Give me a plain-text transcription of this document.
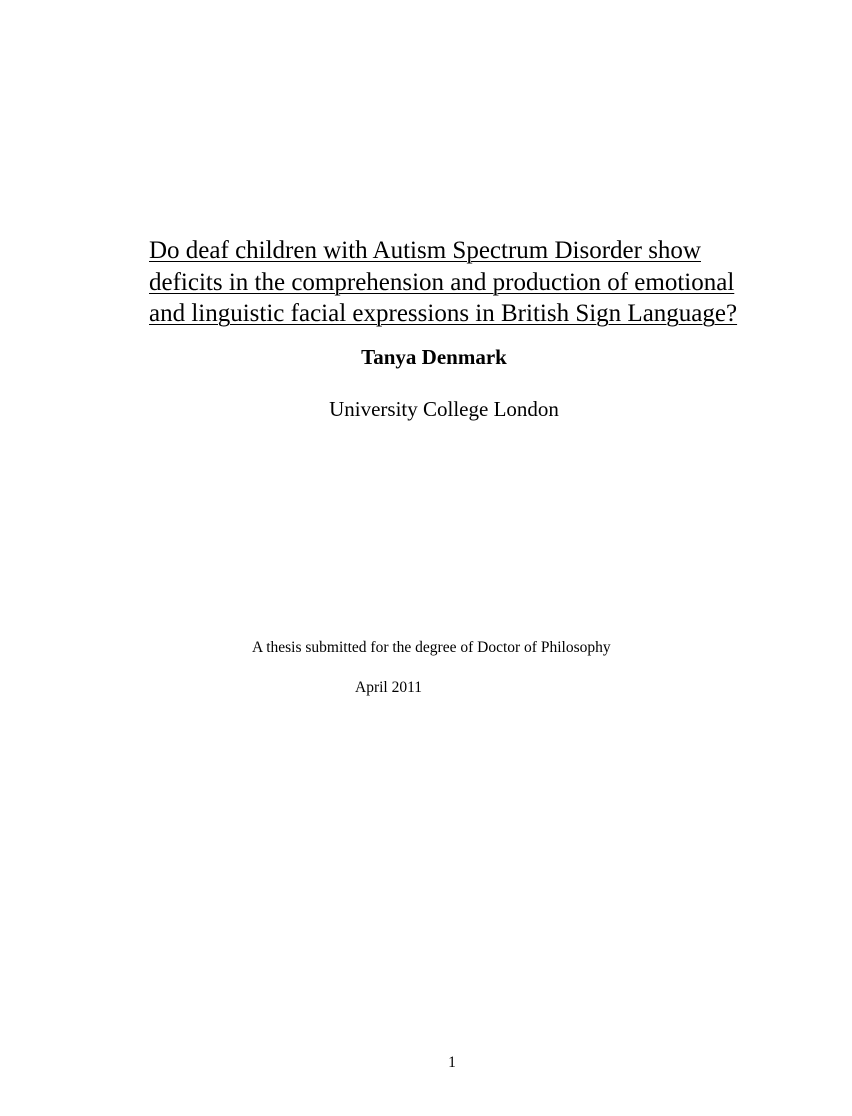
Do deaf children with Autism Spectrum Disorder show
deficits in the comprehension and production of emotional
and linguistic facial expressions in British Sign Language?

Tanya Denmark

University College London

A thesis submitted for the degree of Doctor of Philosophy

April 2011

1
